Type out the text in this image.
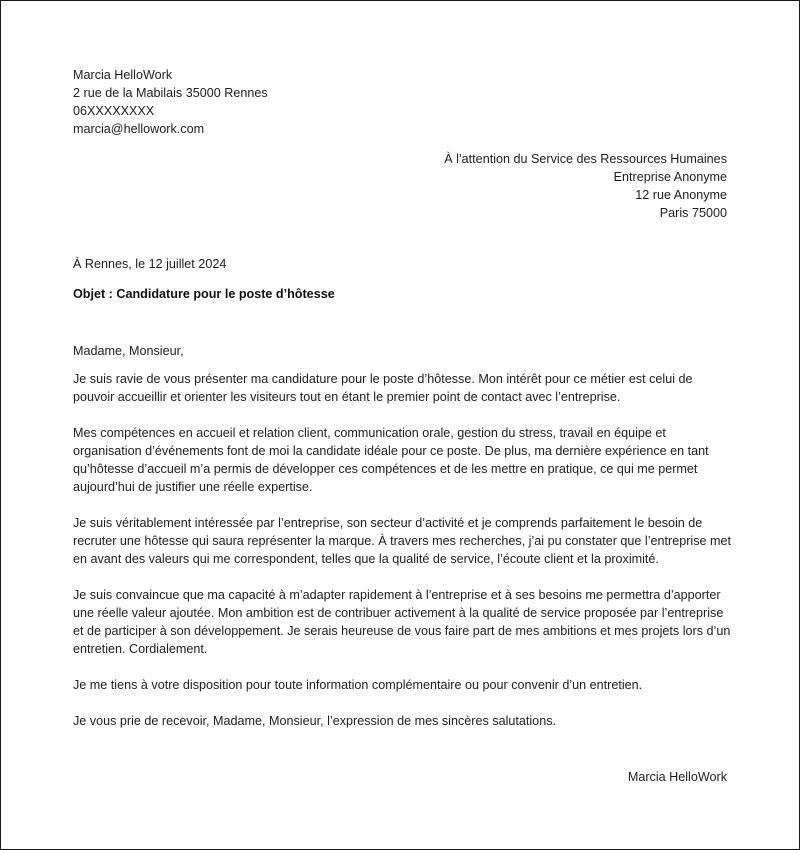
Marcia HelloWork
2 rue de la Mabilais 35000 Rennes
06XXXXXXXX
marcia@hellowork.com
À l’attention du Service des Ressources Humaines
Entreprise Anonyme
12 rue Anonyme
Paris 75000
À Rennes, le 12 juillet 2024
Objet : Candidature pour le poste d’hôtesse

Madame, Monsieur,

Je suis ravie de vous présenter ma candidature pour le poste d’hôtesse. Mon intérêt pour ce métier est celui de pouvoir accueillir et orienter les visiteurs tout en étant le premier point de contact avec l’entreprise.

Mes compétences en accueil et relation client, communication orale, gestion du stress, travail en équipe et organisation d’événements font de moi la candidate idéale pour ce poste. De plus, ma dernière expérience en tant qu’hôtesse d’accueil m’a permis de développer ces compétences et de les mettre en pratique, ce qui me permet aujourd’hui de justifier une réelle expertise.

Je suis véritablement intéressée par l’entreprise, son secteur d’activité et je comprends parfaitement le besoin de recruter une hôtesse qui saura représenter la marque. À travers mes recherches, j’ai pu constater que l’entreprise met en avant des valeurs qui me correspondent, telles que la qualité de service, l’écoute client et la proximité.

Je suis convaincue que ma capacité à m’adapter rapidement à l’entreprise et à ses besoins me permettra d’apporter une réelle valeur ajoutée. Mon ambition est de contribuer activement à la qualité de service proposée par l’entreprise et de participer à son développement. Je serais heureuse de vous faire part de mes ambitions et mes projets lors d’un entretien. Cordialement.

Je me tiens à votre disposition pour toute information complémentaire ou pour convenir d’un entretien.

Je vous prie de recevoir, Madame, Monsieur, l’expression de mes sincères salutations.

Marcia HelloWork
